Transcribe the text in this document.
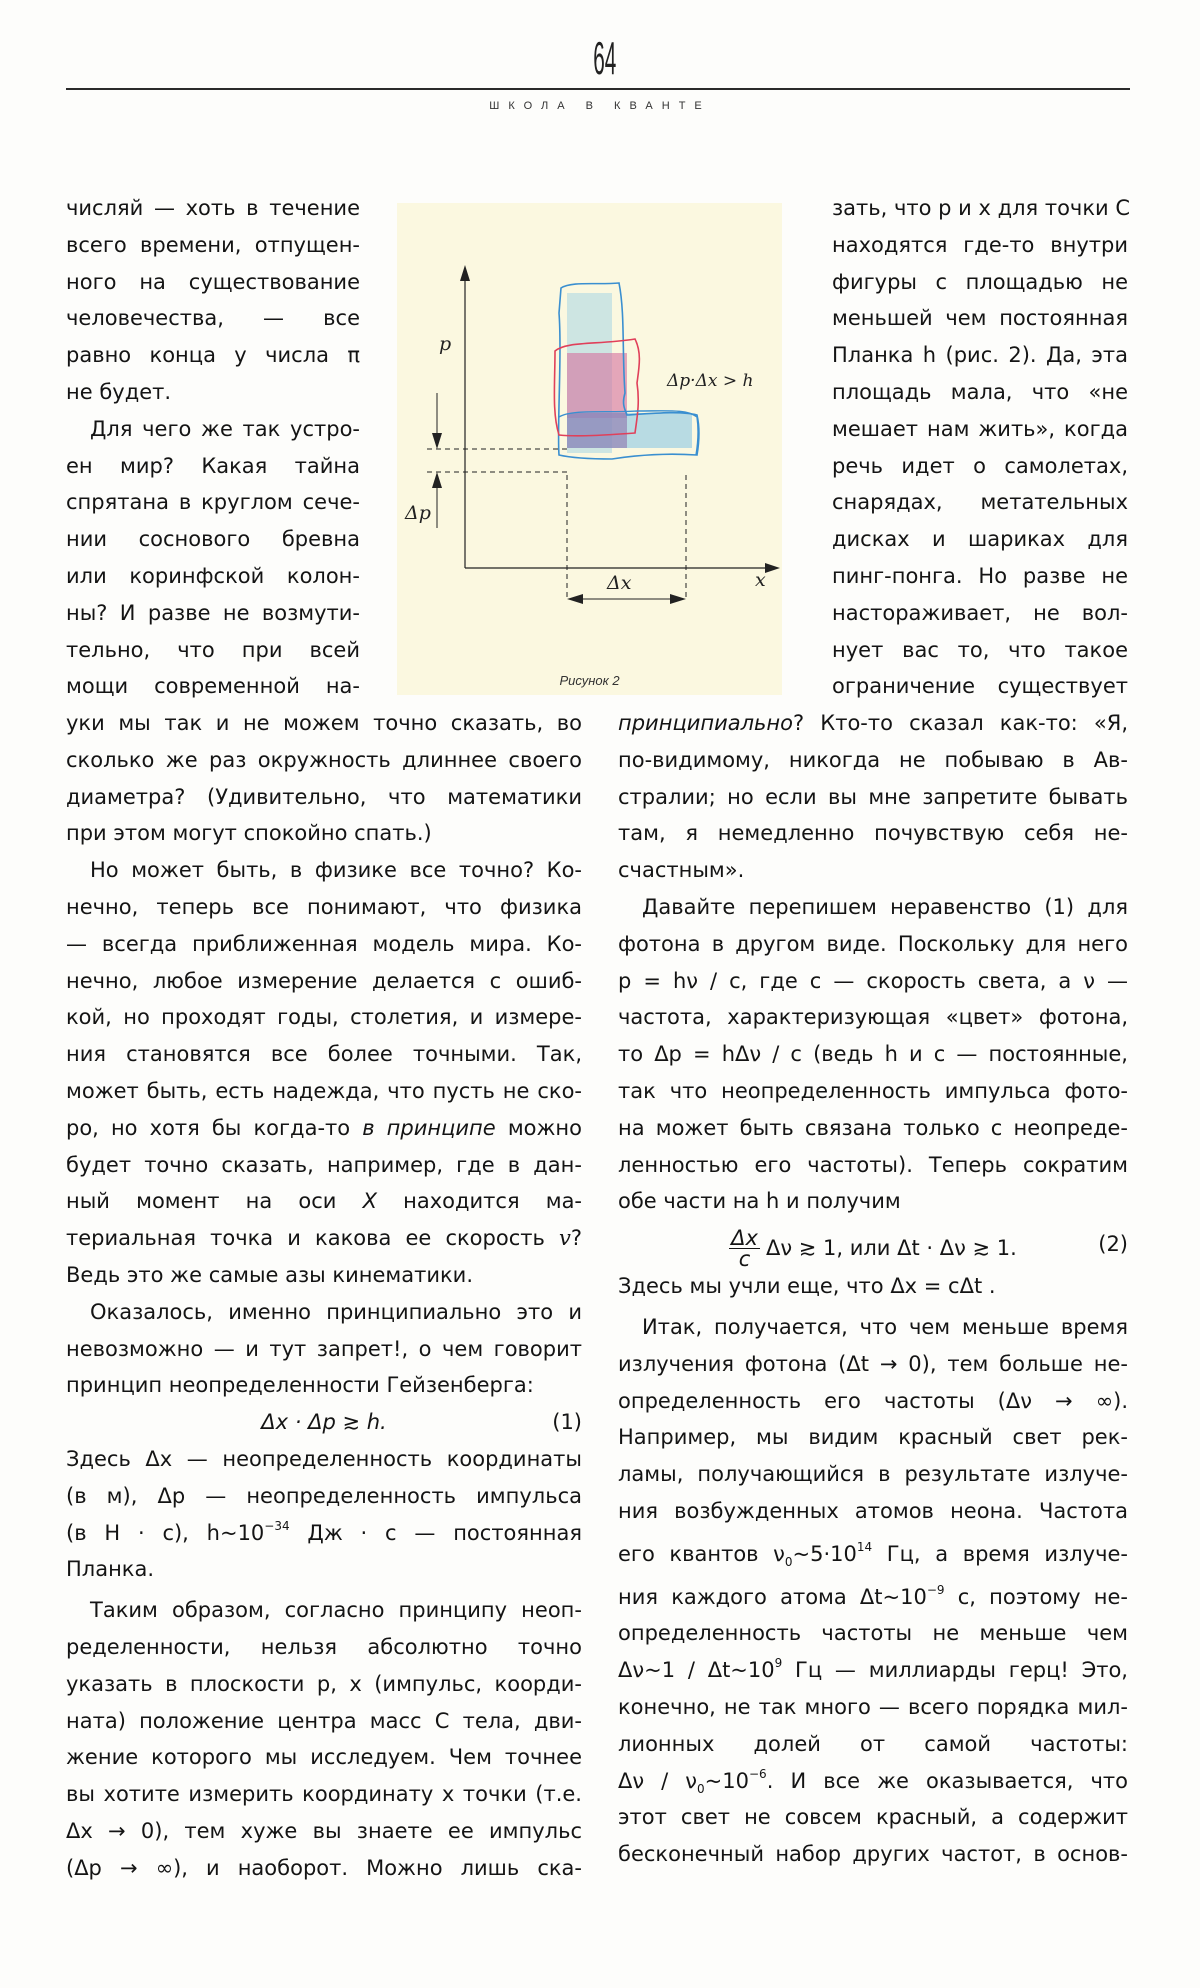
64
ШКОЛА В КВАНТЕ
p
x
Δp
Δx
Δp·Δx > h
Рисунок 2
числяй — хоть в течение
всего времени, отпущен-
ного на существование
человечества, — все
равно конца у числа π
не будет.
Для чего же так устро-
ен мир? Какая тайна
спрятана в круглом сече-
нии соснового бревна
или коринфской колон-
ны? И разве не возмути-
тельно, что при всей
мощи современной на-
уки мы так и не можем точно сказать, во
сколько же раз окружность длиннее своего
диаметра? (Удивительно, что математики
при этом могут спокойно спать.)
Но может быть, в физике все точно? Ко-
нечно, теперь все понимают, что физика
— всегда приближенная модель мира. Ко-
нечно, любое измерение делается с ошиб-
кой, но проходят годы, столетия, и измере-
ния становятся все более точными. Так,
может быть, есть надежда, что пусть не ско-
ро, но хотя бы когда-то в принципе можно
будет точно сказать, например, где в дан-
ный момент на оси X находится ма-
териальная точка и какова ее скорость v?
Ведь это же самые азы кинематики.
Оказалось, именно принципиально это и
невозможно — и тут запрет!, о чем говорит
принцип неопределенности Гейзенберга:
Δx · Δp ≳ h.	(1)
Здесь Δx — неопределенность координаты
(в м), Δp — неопределенность импульса
(в Н · с), $h\sim 10^{-34}$ Дж · с — постоянная
Планка.
Таким образом, согласно принципу неоп-
ределенности, нельзя абсолютно точно
указать в плоскости p, x (импульс, коорди-
ната) положение центра масс C тела, дви-
жение которого мы исследуем. Чем точнее
вы хотите измерить координату x точки (т.е.
Δx → 0), тем хуже вы знаете ее импульс
(Δp → ∞), и наоборот. Можно лишь ска-
зать, что p и x для точки C
находятся где-то внутри
фигуры с площадью не
меньшей чем постоянная
Планка h (рис. 2). Да, эта
площадь мала, что «не
мешает нам жить», когда
речь идет о самолетах,
снарядах, метательных
дисках и шариках для
пинг-понга. Но разве не
настораживает, не вол-
нует вас то, что такое
ограничение существует
принципиально? Кто-то сказал как-то: «Я,
по-видимому, никогда не побываю в Ав-
стралии; но если вы мне запретите бывать
там, я немедленно почувствую себя не-
счастным».
Давайте перепишем неравенство (1) для
фотона в другом виде. Поскольку для него
p = hν / c, где c — скорость света, а ν —
частота, характеризующая «цвет» фотона,
то Δp = hΔν / c (ведь h и c — постоянные,
так что неопределенность импульса фото-
на может быть связана только с неопреде-
ленностью его частоты). Теперь сократим
обе части на h и получим
$\frac{\Delta x}{c}$ Δν ≳ 1, или Δt · Δν ≳ 1.	(2)
Здесь мы учли еще, что Δx = cΔt .
Итак, получается, что чем меньше время
излучения фотона (Δt → 0), тем больше не-
определенность его частоты (Δν → ∞).
Например, мы видим красный свет рек-
ламы, получающийся в результате излуче-
ния возбужденных атомов неона. Частота
его квантов $\nu_0\sim 5\cdot 10^{14}$ Гц, а время излуче-
ния каждого атома $\Delta t\sim 10^{-9}$ с, поэтому не-
определенность частоты не меньше чем
Δν~1 / $\Delta t\sim 10^9$ Гц — миллиарды герц! Это,
конечно, не так много — всего порядка мил-
лионных долей от самой частоты:
Δν / $\nu_0\sim 10^{-6}$. И все же оказывается, что
этот свет не совсем красный, а содержит
бесконечный набор других частот, в основ-
